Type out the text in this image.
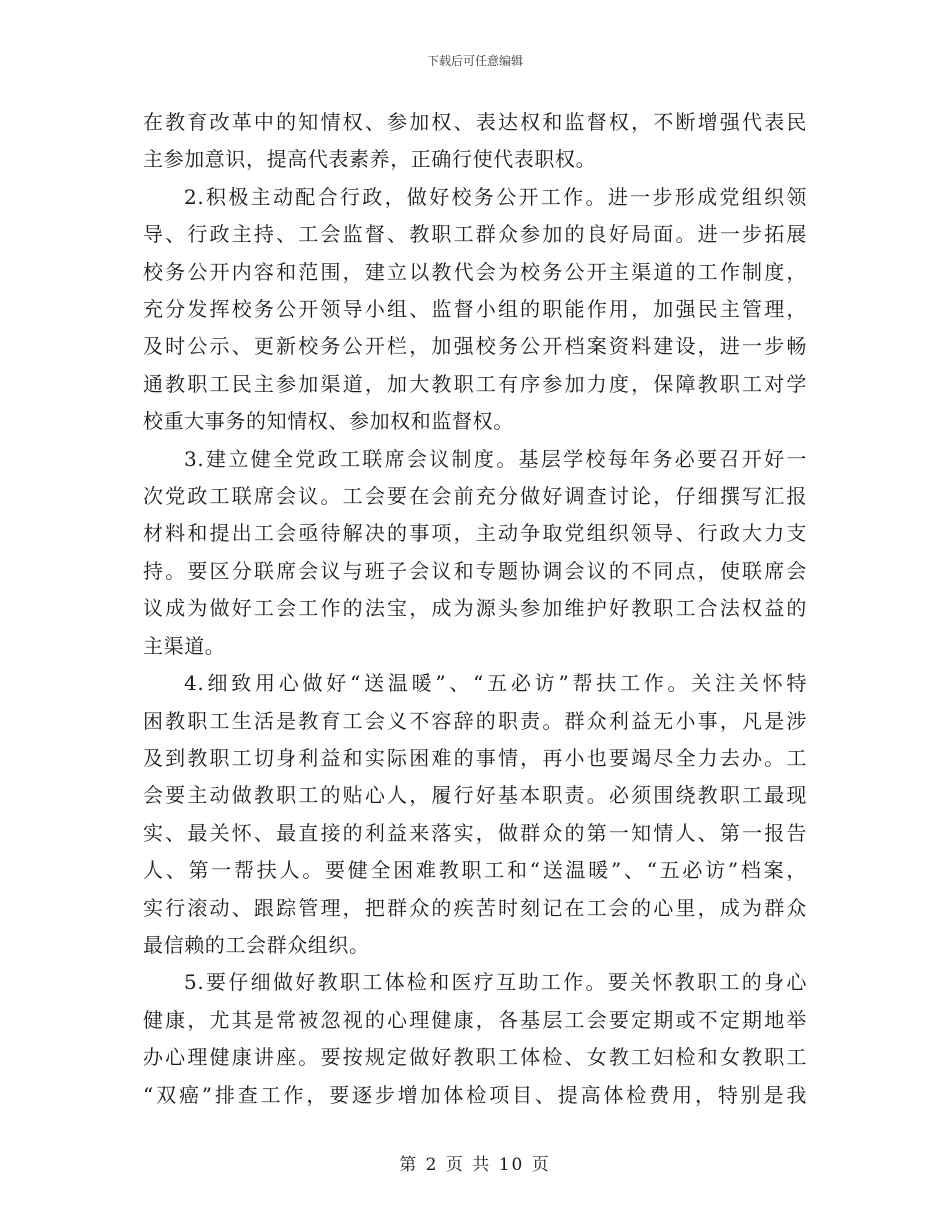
下载后可任意编辑

在教育改革中的知情权、参加权、表达权和监督权，不断增强代表民
主参加意识，提高代表素养，正确行使代表职权。

2.积极主动配合行政，做好校务公开工作。进一步形成党组织领
导、行政主持、工会监督、教职工群众参加的良好局面。进一步拓展
校务公开内容和范围，建立以教代会为校务公开主渠道的工作制度，
充分发挥校务公开领导小组、监督小组的职能作用，加强民主管理，
及时公示、更新校务公开栏，加强校务公开档案资料建设，进一步畅
通教职工民主参加渠道，加大教职工有序参加力度，保障教职工对学
校重大事务的知情权、参加权和监督权。

3.建立健全党政工联席会议制度。基层学校每年务必要召开好一
次党政工联席会议。工会要在会前充分做好调查讨论，仔细撰写汇报
材料和提出工会亟待解决的事项，主动争取党组织领导、行政大力支
持。要区分联席会议与班子会议和专题协调会议的不同点，使联席会
议成为做好工会工作的法宝，成为源头参加维护好教职工合法权益的
主渠道。

4.细致用心做好“送温暖”、“五必访”帮扶工作。关注关怀特
困教职工生活是教育工会义不容辞的职责。群众利益无小事，凡是涉
及到教职工切身利益和实际困难的事情，再小也要竭尽全力去办。工
会要主动做教职工的贴心人，履行好基本职责。必须围绕教职工最现
实、最关怀、最直接的利益来落实，做群众的第一知情人、第一报告
人、第一帮扶人。要健全困难教职工和“送温暖”、“五必访”档案，
实行滚动、跟踪管理，把群众的疾苦时刻记在工会的心里，成为群众
最信赖的工会群众组织。

5.要仔细做好教职工体检和医疗互助工作。要关怀教职工的身心
健康，尤其是常被忽视的心理健康，各基层工会要定期或不定期地举
办心理健康讲座。要按规定做好教职工体检、女教工妇检和女教职工
“双癌”排查工作，要逐步增加体检项目、提高体检费用，特别是我

第 2 页 共 10 页
